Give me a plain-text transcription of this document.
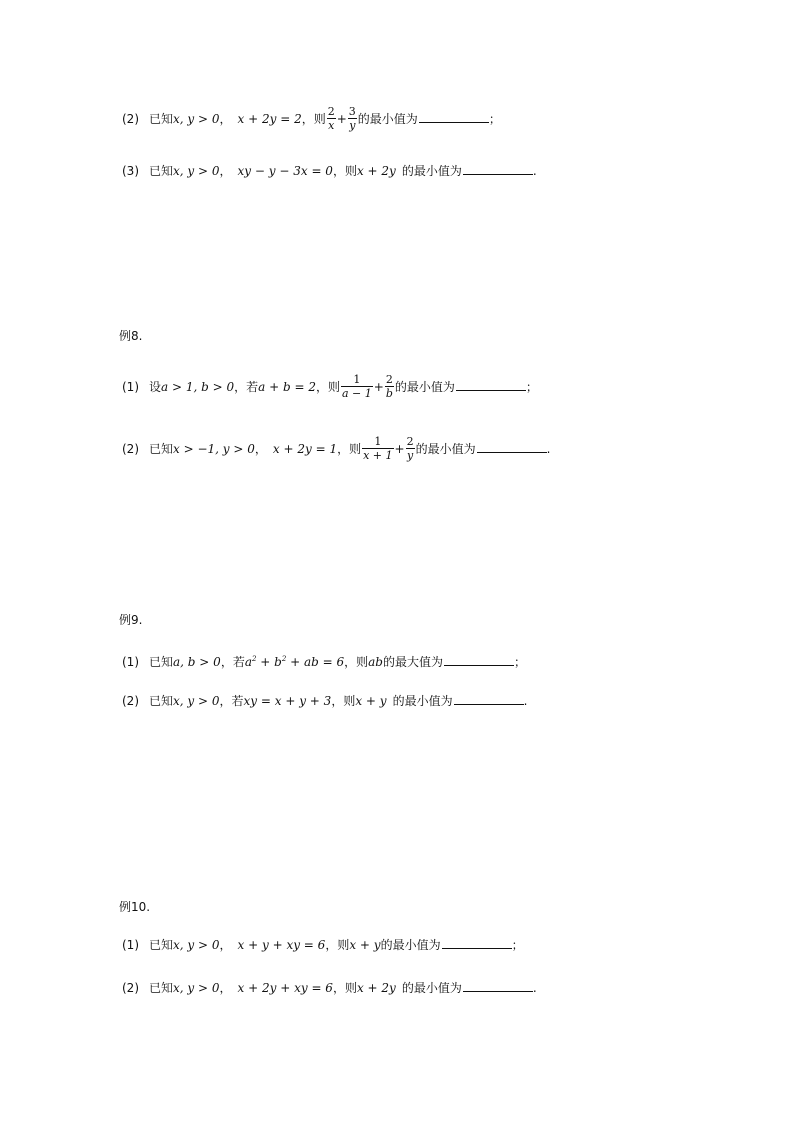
(2) 已知x, y > 0， x + 2y = 2，则 $\frac{2}{x} + \frac{3}{y}$ 的最小值为	；
(3) 已知x, y > 0， xy − y − 3x = 0，则x + 2y 的最小值为	.
例8.
(1) 设a > 1, b > 0，若a + b = 2，则 $\frac{1}{a - 1} + \frac{2}{b}$ 的最小值为	；
(2) 已知x > −1, y > 0， x + 2y = 1，则 $\frac{1}{x + 1} + \frac{2}{y}$ 的最小值为	.
例9.
(1) 已知a, b > 0，若$a^2 + b^2$ + ab = 6，则ab的最大值为	；
(2) 已知x, y > 0，若xy = x + y + 3，则x + y 的最小值为	.
例10.
(1) 已知x, y > 0， x + y + xy = 6，则x + y的最小值为	；
(2) 已知x, y > 0， x + 2y + xy = 6，则x + 2y 的最小值为	.
